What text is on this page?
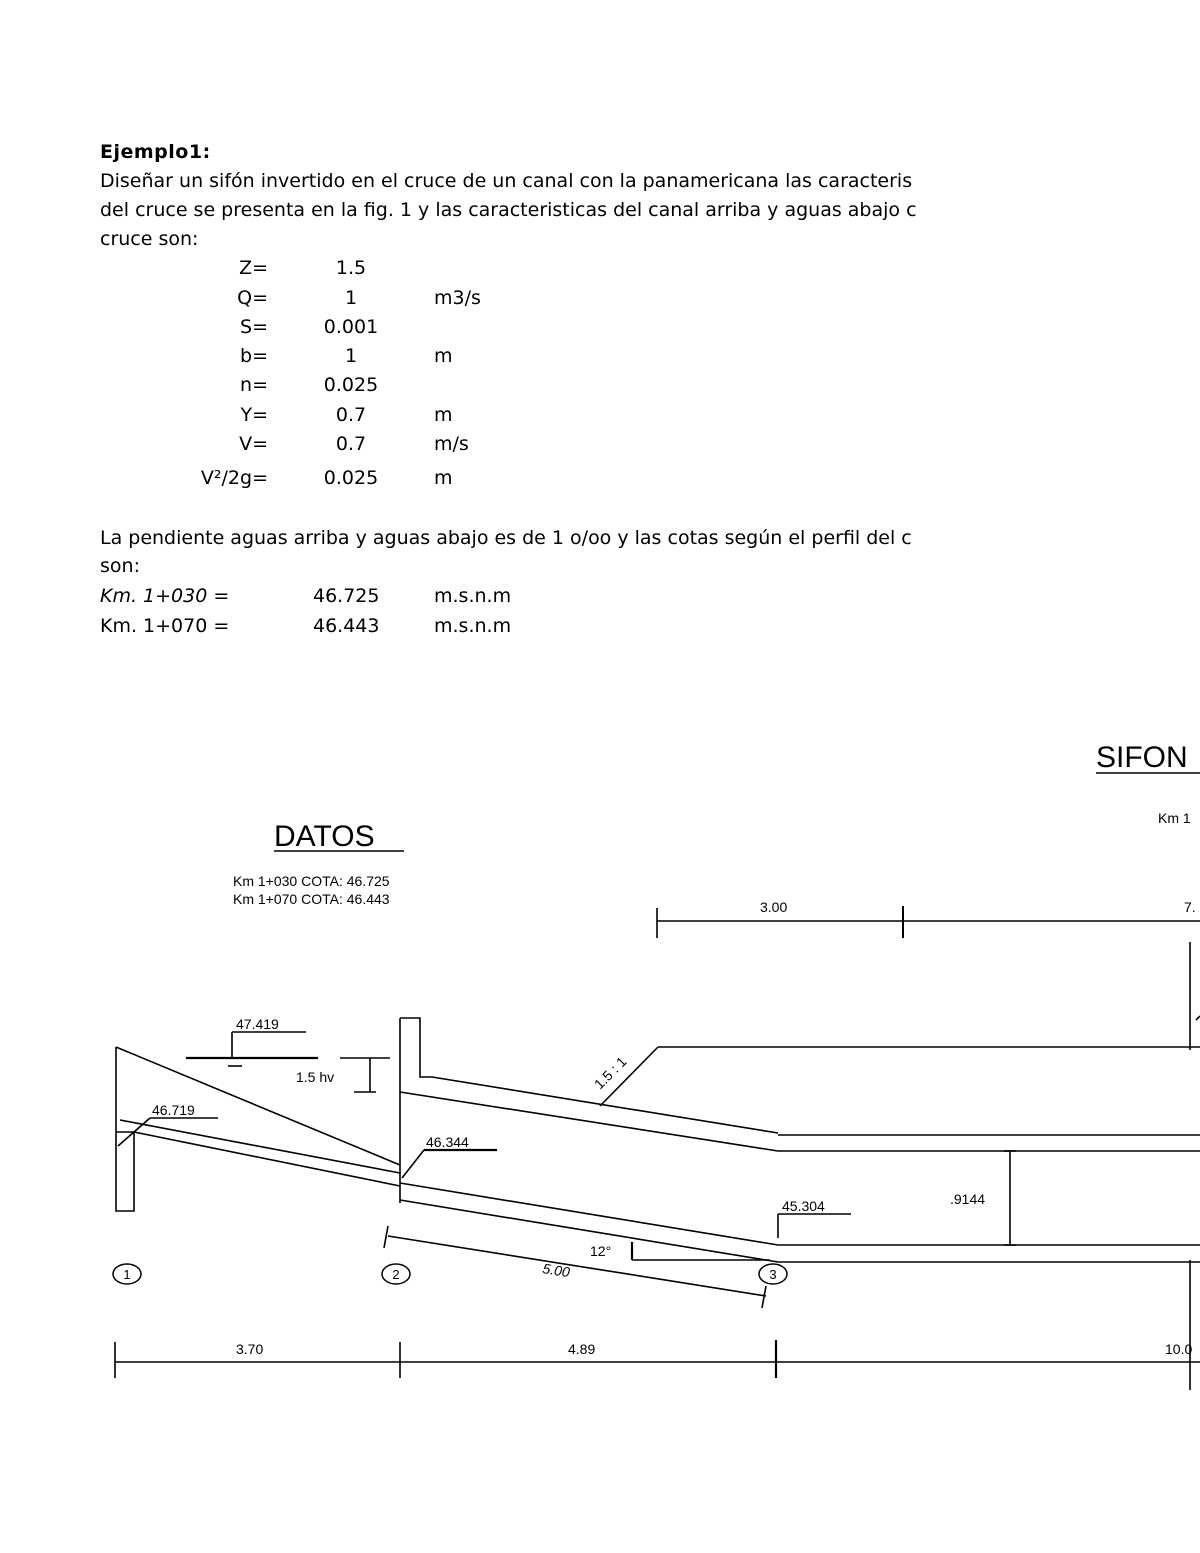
Ejemplo1:
Diseñar un sifón invertido en el cruce de un canal con la panamericana las caracteris
del cruce se presenta en la fig. 1 y las caracteristicas del canal arriba y aguas abajo c
cruce son:
Z=	1.5
Q=	1	m3/s
S=	0.001
b=	1	m
n=	0.025
Y=	0.7	m
V=	0.7	m/s
V²/2g=	0.025	m
La pendiente aguas arriba y aguas abajo es de 1 o/oo y las cotas según el perfil del c
son:
Km. 1+030 =	46.725	m.s.n.m
Km. 1+070 =	46.443	m.s.n.m
DATOS
SIFON
Km 1+030 COTA: 46.725
Km 1+070 COTA: 46.443
Km 1
3.00	7.
47.419
46.719
46.344
45.304	.9144
1.5 hv	1.5 : 1
12°
5.00
1	2	3
3.70	4.89	10.0
